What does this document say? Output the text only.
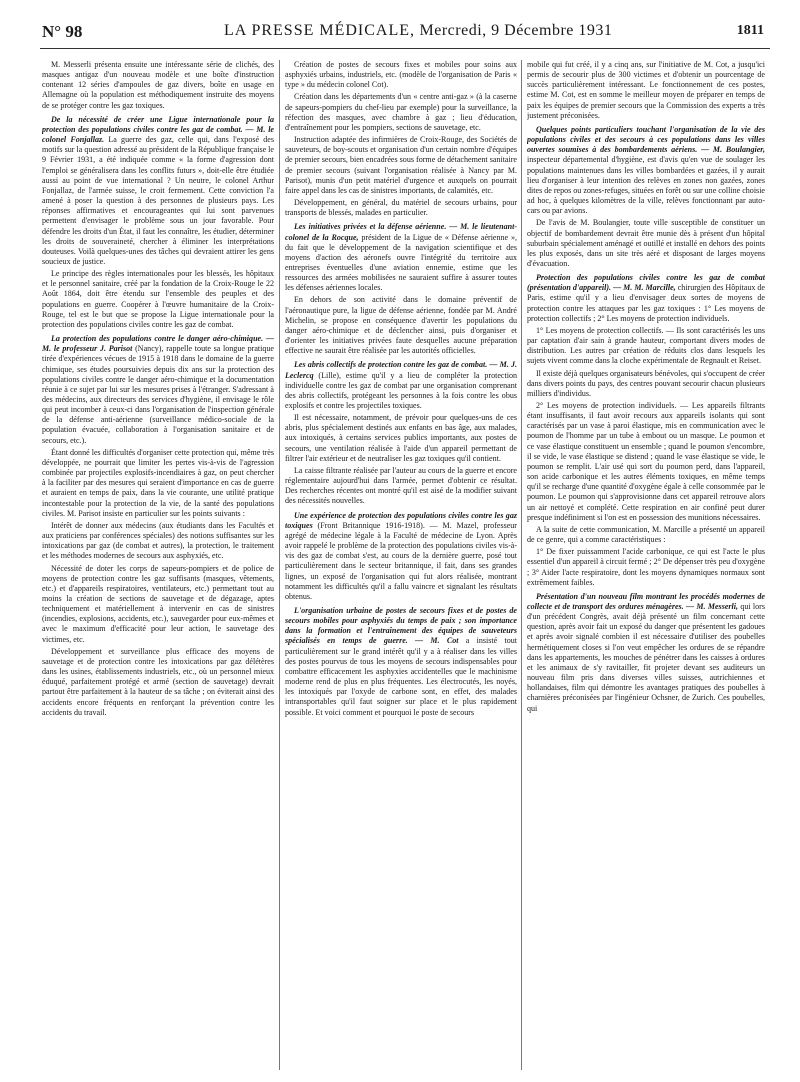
N° 98	LA PRESSE MÉDICALE, Mercredi, 9 Décembre 1931	1811

M. Messerli présenta ensuite une intéressante série de clichés, des masques antigaz d'un nouveau modèle et une boîte d'instruction contenant 12 séries d'ampoules de gaz divers, boîte en usage en Allemagne où la population est méthodiquement instruite des moyens de se protéger contre les gaz toxiques.

De la nécessité de créer une Ligue internationale pour la protection des populations civiles contre les gaz de combat. — M. le colonel Fonjallaz. La guerre des gaz, celle qui, dans l'exposé des motifs sur la question adressé au président de la République française le 9 Février 1931, a été indiquée comme « la forme d'agression dont l'emploi se généralisera dans les conflits futurs », doit-elle être étudiée aussi au point de vue international ? Un neutre, le colonel Arthur Fonjallaz, de l'armée suisse, le croit fermement. Cette conviction l'a amené à poser la question à des personnes de plusieurs pays. Les réponses affirmatives et encourageantes qui lui sont parvenues permettent d'envisager le problème sous un jour favorable. Pour défendre les droits d'un État, il faut les connaître, les étudier, déterminer les droits de souveraineté, chercher à éliminer les interprétations douteuses. Voilà quelques-unes des tâches qui devraient attirer les gens soucieux de justice.

Le principe des règles internationales pour les blessés, les hôpitaux et le personnel sanitaire, créé par la fondation de la Croix-Rouge le 22 Août 1864, doit être étendu sur l'ensemble des peuples et des populations en guerre. Coopérer à l'œuvre humanitaire de la Croix-Rouge, tel est le but que se propose la Ligue internationale pour la protection des populations civiles contre les gaz de combat.

La protection des populations contre le danger aéro-chimique. — M. le professeur J. Parisot (Nancy), rappelle toute sa longue pratique tirée d'expériences vécues de 1915 à 1918 dans le domaine de la guerre chimique, ses études poursuivies depuis dix ans sur la protection des populations civiles contre le danger aéro-chimique et la documentation réunie à ce sujet par lui sur les mesures prises à l'étranger. S'adressant à des médecins, aux directeurs des services d'hygiène, il envisage le rôle qui peut incomber à ceux-ci dans l'organisation de l'inspection générale de la défense anti-aérienne (surveillance médico-sociale de la population évacuée, collaboration à l'organisation sanitaire et de secours, etc.).

Étant donné les difficultés d'organiser cette protection qui, même très développée, ne pourrait que limiter les pertes vis-à-vis de l'agression combinée par projectiles explosifs-incendiaires à gaz, on peut chercher à la faciliter par des mesures qui seraient d'importance en cas de guerre et auraient en temps de paix, dans la vie courante, une utilité pratique incontestable pour la protection de la vie, de la santé des populations civiles. M. Parisot insiste en particulier sur les points suivants :

Intérêt de donner aux médecins (aux étudiants dans les Facultés et aux praticiens par conférences spéciales) des notions suffisantes sur les intoxications par gaz (de combat et autres), la protection, le traitement et les méthodes modernes de secours aux asphyxiés, etc.

Nécessité de doter les corps de sapeurs-pompiers et de police de moyens de protection contre les gaz suffisants (masques, vêtements, etc.) et d'appareils respiratoires, ventilateurs, etc.) permettant tout au moins la création de sections de sauvetage et de dégazage, aptes techniquement et matériellement à intervenir en cas de sinistres (incendies, explosions, accidents, etc.), sauvegarder pour eux-mêmes et avec le maximum d'efficacité pour leur action, le sauvetage des victimes, etc.

Développement et surveillance plus efficace des moyens de sauvetage et de protection contre les intoxications par gaz délétères dans les usines, établissements industriels, etc., où un personnel mieux éduqué, parfaitement protégé et armé (section de sauvetage) devrait partout être parfaitement à la hauteur de sa tâche ; on éviterait ainsi des accidents encore fréquents en renforçant la prévention contre les accidents du travail.

Création de postes de secours fixes et mobiles pour soins aux asphyxiés urbains, industriels, etc. (modèle de l'organisation de Paris « type » du médecin colonel Cot).

Création dans les départements d'un « centre anti-gaz » (à la caserne de sapeurs-pompiers du chef-lieu par exemple) pour la surveillance, la réfection des masques, avec chambre à gaz ; lieu d'éducation, d'entraînement pour les pompiers, sections de sauvetage, etc.

Instruction adaptée des infirmières de Croix-Rouge, des Sociétés de sauveteurs, de boy-scouts et organisation d'un certain nombre d'équipes de premier secours, bien encadrées sous forme de détachement sanitaire de premier secours (suivant l'organisation réalisée à Nancy par M. Parisot), munis d'un petit matériel d'urgence et auxquels on pourrait faire appel dans les cas de sinistres importants, de calamités, etc.

Développement, en général, du matériel de secours urbains, pour transports de blessés, malades en particulier.

Les initiatives privées et la défense aérienne. — M. le lieutenant-colonel de la Rocque, président de la Ligue de « Défense aérienne », du fait que le développement de la navigation scientifique et des moyens d'action des aéronefs ouvre l'intégrité du territoire aux entreprises éventuelles d'une aviation ennemie, estime que les ressources des armées mobilisées ne sauraient suffire à assurer toutes les défenses aériennes locales.

En dehors de son activité dans le domaine préventif de l'aéronautique pure, la ligue de défense aérienne, fondée par M. André Michelin, se propose en conséquence d'avertir les populations du danger aéro-chimique et de déclencher ainsi, puis d'organiser et d'orienter les initiatives privées faute desquelles aucune préparation effective ne saurait être réalisée par les autorités officielles.

Les abris collectifs de protection contre les gaz de combat. — M. J. Leclercq (Lille), estime qu'il y a lieu de compléter la protection individuelle contre les gaz de combat par une organisation comprenant des abris collectifs, protégeant les personnes à la fois contre les obus explosifs et contre les projectiles toxiques.

Il est nécessaire, notamment, de prévoir pour quelques-uns de ces abris, plus spécialement destinés aux enfants en bas âge, aux malades, aux intoxiqués, à certains services publics importants, aux postes de secours, une ventilation réalisée à l'aide d'un appareil permettant de filtrer l'air extérieur et de neutraliser les gaz toxiques qu'il contient.

La caisse filtrante réalisée par l'auteur au cours de la guerre et encore réglementaire aujourd'hui dans l'armée, permet d'obtenir ce résultat. Des recherches récentes ont montré qu'il est aisé de la modifier suivant des nécessités nouvelles.

Une expérience de protection des populations civiles contre les gaz toxiques (Front Britannique 1916-1918). — M. Mazel, professeur agrégé de médecine légale à la Faculté de médecine de Lyon. Après avoir rappelé le problème de la protection des populations civiles vis-à-vis des gaz de combat s'est, au cours de la dernière guerre, posé tout particulièrement dans le secteur britannique, il fait, dans ses grandes lignes, un exposé de l'organisation qui fut alors réalisée, montrant notamment les difficultés qu'il a fallu vaincre et signalant les résultats obtenus.

L'organisation urbaine de postes de secours fixes et de postes de secours mobiles pour asphyxiés du temps de paix ; son importance dans la formation et l'entraînement des équipes de sauveteurs spécialisés en temps de guerre. — M. Cot a insisté tout particulièrement sur le grand intérêt qu'il y a à réaliser dans les villes des postes pourvus de tous les moyens de secours indispensables pour combattre efficacement les asphyxies accidentelles que le machinisme moderne rend de plus en plus fréquentes. Les électrocutés, les noyés, les intoxiqués par l'oxyde de carbone sont, en effet, des malades intransportables qu'il faut soigner sur place et le plus rapidement possible. Et voici comment et pourquoi le poste de secours

mobile qui fut créé, il y a cinq ans, sur l'initiative de M. Cot, a jusqu'ici permis de secourir plus de 300 victimes et d'obtenir un pourcentage de succès particulièrement intéressant. Le fonctionnement de ces postes, estime M. Cot, est en somme le meilleur moyen de préparer en temps de paix les équipes de premier secours que la Commission des experts a très justement préconisées.

Quelques points particuliers touchant l'organisation de la vie des populations civiles et des secours à ces populations dans les villes ouvertes soumises à des bombardements aériens. — M. Boulangier, inspecteur départemental d'hygiène, est d'avis qu'en vue de soulager les populations maintenues dans les villes bombardées et gazées, il y aurait lieu d'organiser à leur intention des relèves en zones non gazées, zones dites de repos ou zones-refuges, situées en forêt ou sur une colline choisie ad hoc, à quelques kilomètres de la ville, relèves fonctionnant par auto-cars ou par avions.

De l'avis de M. Boulangier, toute ville susceptible de constituer un objectif de bombardement devrait être munie dès à présent d'un hôpital suburbain spécialement aménagé et outillé et installé en dehors des points les plus exposés, dans un site très aéré et disposant de larges moyens d'évacuation.

Protection des populations civiles contre les gaz de combat (présentation d'appareil). — M. M. Marcille, chirurgien des Hôpitaux de Paris, estime qu'il y a lieu d'envisager deux sortes de moyens de protection contre les attaques par les gaz toxiques : 1° Les moyens de protection collectifs ; 2° Les moyens de protection individuels.

1° Les moyens de protection collectifs. — Ils sont caractérisés les uns par captation d'air sain à grande hauteur, comportant divers modes de distribution. Les autres par création de réduits clos dans lesquels les sujets vivent comme dans la cloche expérimentale de Regnault et Reiset.

Il existe déjà quelques organisateurs bénévoles, qui s'occupent de créer dans divers points du pays, des centres pouvant secourir chacun plusieurs milliers d'individus.

2° Les moyens de protection individuels. — Les appareils filtrants étant insuffisants, il faut avoir recours aux appareils isolants qui sont caractérisés par un vase à paroi élastique, mis en communication avec le poumon de l'homme par un tube à embout ou un masque. Le poumon et ce vase élastique constituent un ensemble ; quand le poumon s'encombre, il se vide, le vase élastique se distend ; quand le vase élastique se vide, le poumon se remplit. L'air usé qui sort du poumon perd, dans l'appareil, son acide carbonique et les autres éléments toxiques, en même temps qu'il se recharge d'une quantité d'oxygène égale à celle consommée par le poumon. Le poumon qui s'approvisionne dans cet appareil retrouve alors un air nettoyé et complété. Cette respiration en air confiné peut durer presque indéfiniment si l'on est en possession des munitions nécessaires.

A la suite de cette communication, M. Marcille a présenté un appareil de ce genre, qui a comme caractéristiques :

1° De fixer puissamment l'acide carbonique, ce qui est l'acte le plus essentiel d'un appareil à circuit fermé ; 2° De dépenser très peu d'oxygène ; 3° Aider l'acte respiratoire, dont les moyens dynamiques normaux sont extrêmement faibles.

Présentation d'un nouveau film montrant les procédés modernes de collecte et de transport des ordures ménagères. — M. Messerli, qui lors d'un précédent Congrès, avait déjà présenté un film concernant cette question, après avoir fait un exposé du danger que présentent les gadoues et après avoir signalé combien il est nécessaire d'utiliser des poubelles hermétiquement closes si l'on veut empêcher les ordures de se répandre dans les appartements, les mouches de pénétrer dans les caisses à ordures et les animaux de s'y ravitailler, fit projeter devant ses auditeurs un nouveau film pris dans diverses villes suisses, autrichiennes et hollandaises, film qui démontre les avantages pratiques des poubelles à charnières préconisées par l'ingénieur Ochsner, de Zurich. Ces poubelles, qui
